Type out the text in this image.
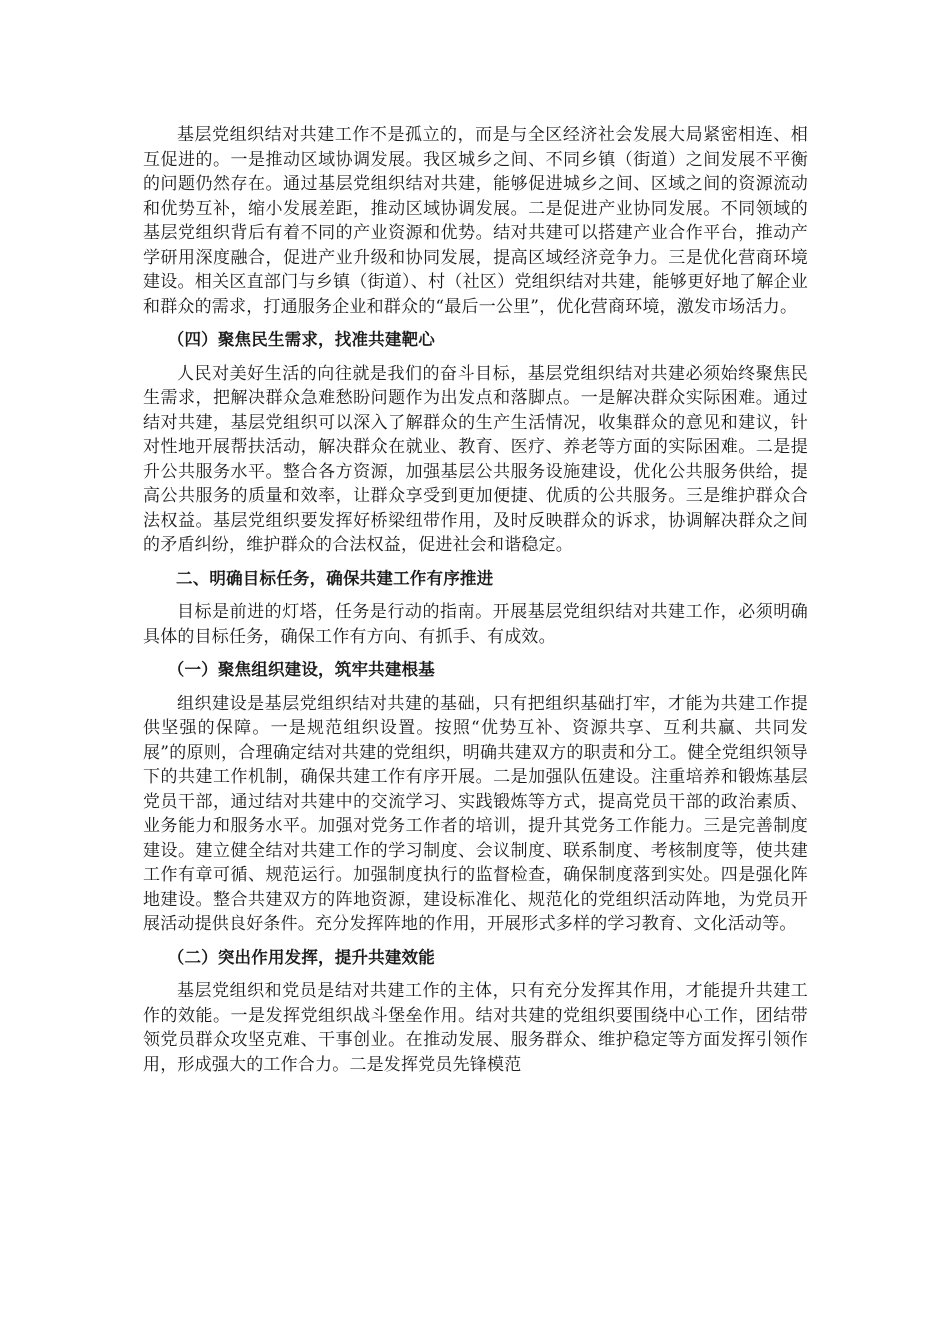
基层党组织结对共建工作不是孤立的，而是与全区经济社会发展大局紧密相连、相互促进的。一是推动区域协调发展。我区城乡之间、不同乡镇（街道）之间发展不平衡的问题仍然存在。通过基层党组织结对共建，能够促进城乡之间、区域之间的资源流动和优势互补，缩小发展差距，推动区域协调发展。二是促进产业协同发展。不同领域的基层党组织背后有着不同的产业资源和优势。结对共建可以搭建产业合作平台，推动产学研用深度融合，促进产业升级和协同发展，提高区域经济竞争力。三是优化营商环境建设。相关区直部门与乡镇（街道）、村（社区）党组织结对共建，能够更好地了解企业和群众的需求，打通服务企业和群众的“最后一公里”，优化营商环境，激发市场活力。

（四）聚焦民生需求，找准共建靶心

人民对美好生活的向往就是我们的奋斗目标，基层党组织结对共建必须始终聚焦民生需求，把解决群众急难愁盼问题作为出发点和落脚点。一是解决群众实际困难。通过结对共建，基层党组织可以深入了解群众的生产生活情况，收集群众的意见和建议，针对性地开展帮扶活动，解决群众在就业、教育、医疗、养老等方面的实际困难。二是提升公共服务水平。整合各方资源，加强基层公共服务设施建设，优化公共服务供给，提高公共服务的质量和效率，让群众享受到更加便捷、优质的公共服务。三是维护群众合法权益。基层党组织要发挥好桥梁纽带作用，及时反映群众的诉求，协调解决群众之间的矛盾纠纷，维护群众的合法权益，促进社会和谐稳定。

二、明确目标任务，确保共建工作有序推进

目标是前进的灯塔，任务是行动的指南。开展基层党组织结对共建工作，必须明确具体的目标任务，确保工作有方向、有抓手、有成效。

（一）聚焦组织建设，筑牢共建根基

组织建设是基层党组织结对共建的基础，只有把组织基础打牢，才能为共建工作提供坚强的保障。一是规范组织设置。按照“优势互补、资源共享、互利共赢、共同发展”的原则，合理确定结对共建的党组织，明确共建双方的职责和分工。健全党组织领导下的共建工作机制，确保共建工作有序开展。二是加强队伍建设。注重培养和锻炼基层党员干部，通过结对共建中的交流学习、实践锻炼等方式，提高党员干部的政治素质、业务能力和服务水平。加强对党务工作者的培训，提升其党务工作能力。三是完善制度建设。建立健全结对共建工作的学习制度、会议制度、联系制度、考核制度等，使共建工作有章可循、规范运行。加强制度执行的监督检查，确保制度落到实处。四是强化阵地建设。整合共建双方的阵地资源，建设标准化、规范化的党组织活动阵地，为党员开展活动提供良好条件。充分发挥阵地的作用，开展形式多样的学习教育、文化活动等。

（二）突出作用发挥，提升共建效能

基层党组织和党员是结对共建工作的主体，只有充分发挥其作用，才能提升共建工作的效能。一是发挥党组织战斗堡垒作用。结对共建的党组织要围绕中心工作，团结带领党员群众攻坚克难、干事创业。在推动发展、服务群众、维护稳定等方面发挥引领作用，形成强大的工作合力。二是发挥党员先锋模范
